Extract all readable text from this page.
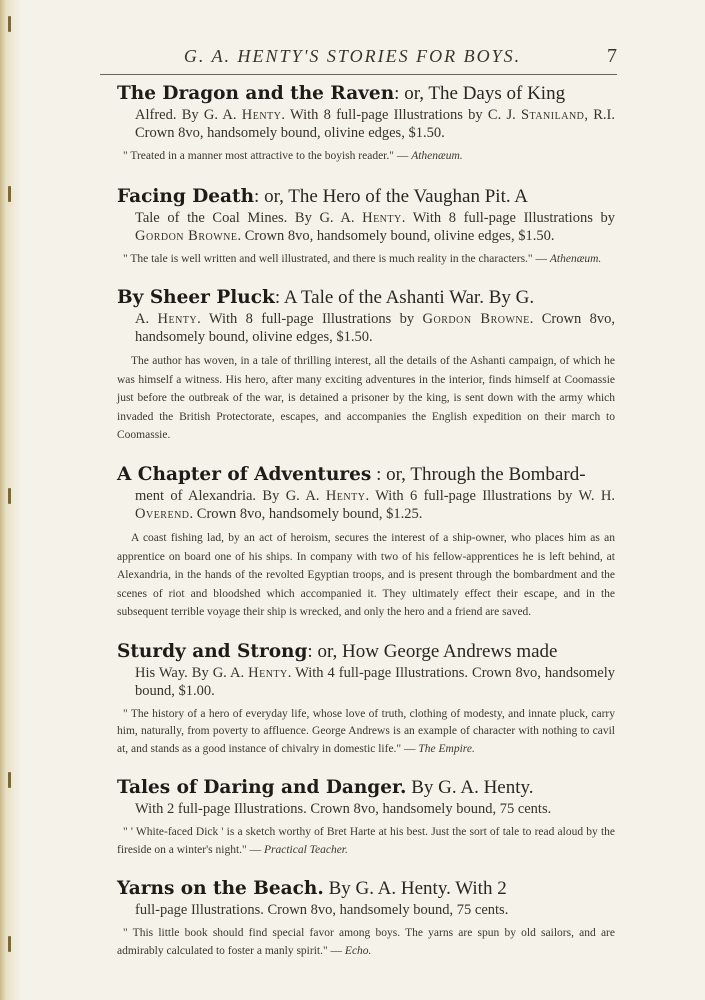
G. A. HENTY'S STORIES FOR BOYS.	7

The Dragon and the Raven: or, The Days of King

Alfred. By G. A. Henty. With 8 full-page Illustrations by C. J. Staniland, R.I. Crown 8vo, handsomely bound, olivine edges, $1.50.

" Treated in a manner most attractive to the boyish reader." — Athenæum.

Facing Death: or, The Hero of the Vaughan Pit. A

Tale of the Coal Mines. By G. A. Henty. With 8 full-page Illustrations by Gordon Browne. Crown 8vo, handsomely bound, olivine edges, $1.50.

" The tale is well written and well illustrated, and there is much reality in the characters." — Athenæum.

By Sheer Pluck: A Tale of the Ashanti War. By G.

A. Henty. With 8 full-page Illustrations by Gordon Browne. Crown 8vo, handsomely bound, olivine edges, $1.50.

The author has woven, in a tale of thrilling interest, all the details of the Ashanti campaign, of which he was himself a witness. His hero, after many exciting adventures in the interior, finds himself at Coomassie just before the outbreak of the war, is detained a prisoner by the king, is sent down with the army which invaded the British Protectorate, escapes, and accompanies the English expedition on their march to Coomassie.

A Chapter of Adventures : or, Through the Bombard-

ment of Alexandria. By G. A. Henty. With 6 full-page Illustrations by W. H. Overend. Crown 8vo, handsomely bound, $1.25.

A coast fishing lad, by an act of heroism, secures the interest of a ship-owner, who places him as an apprentice on board one of his ships. In company with two of his fellow-apprentices he is left behind, at Alexandria, in the hands of the revolted Egyptian troops, and is present through the bombardment and the scenes of riot and bloodshed which accompanied it. They ultimately effect their escape, and in the subsequent terrible voyage their ship is wrecked, and only the hero and a friend are saved.

Sturdy and Strong: or, How George Andrews made

His Way. By G. A. Henty. With 4 full-page Illustrations. Crown 8vo, handsomely bound, $1.00.

" The history of a hero of everyday life, whose love of truth, clothing of modesty, and innate pluck, carry him, naturally, from poverty to affluence. George Andrews is an example of character with nothing to cavil at, and stands as a good instance of chivalry in domestic life." — The Empire.

Tales of Daring and Danger. By G. A. Henty.

With 2 full-page Illustrations. Crown 8vo, handsomely bound, 75 cents.

" ' White-faced Dick ' is a sketch worthy of Bret Harte at his best. Just the sort of tale to read aloud by the fireside on a winter's night." — Practical Teacher.

Yarns on the Beach. By G. A. Henty. With 2

full-page Illustrations. Crown 8vo, handsomely bound, 75 cents.

" This little book should find special favor among boys. The yarns are spun by old sailors, and are admirably calculated to foster a manly spirit." — Echo.
